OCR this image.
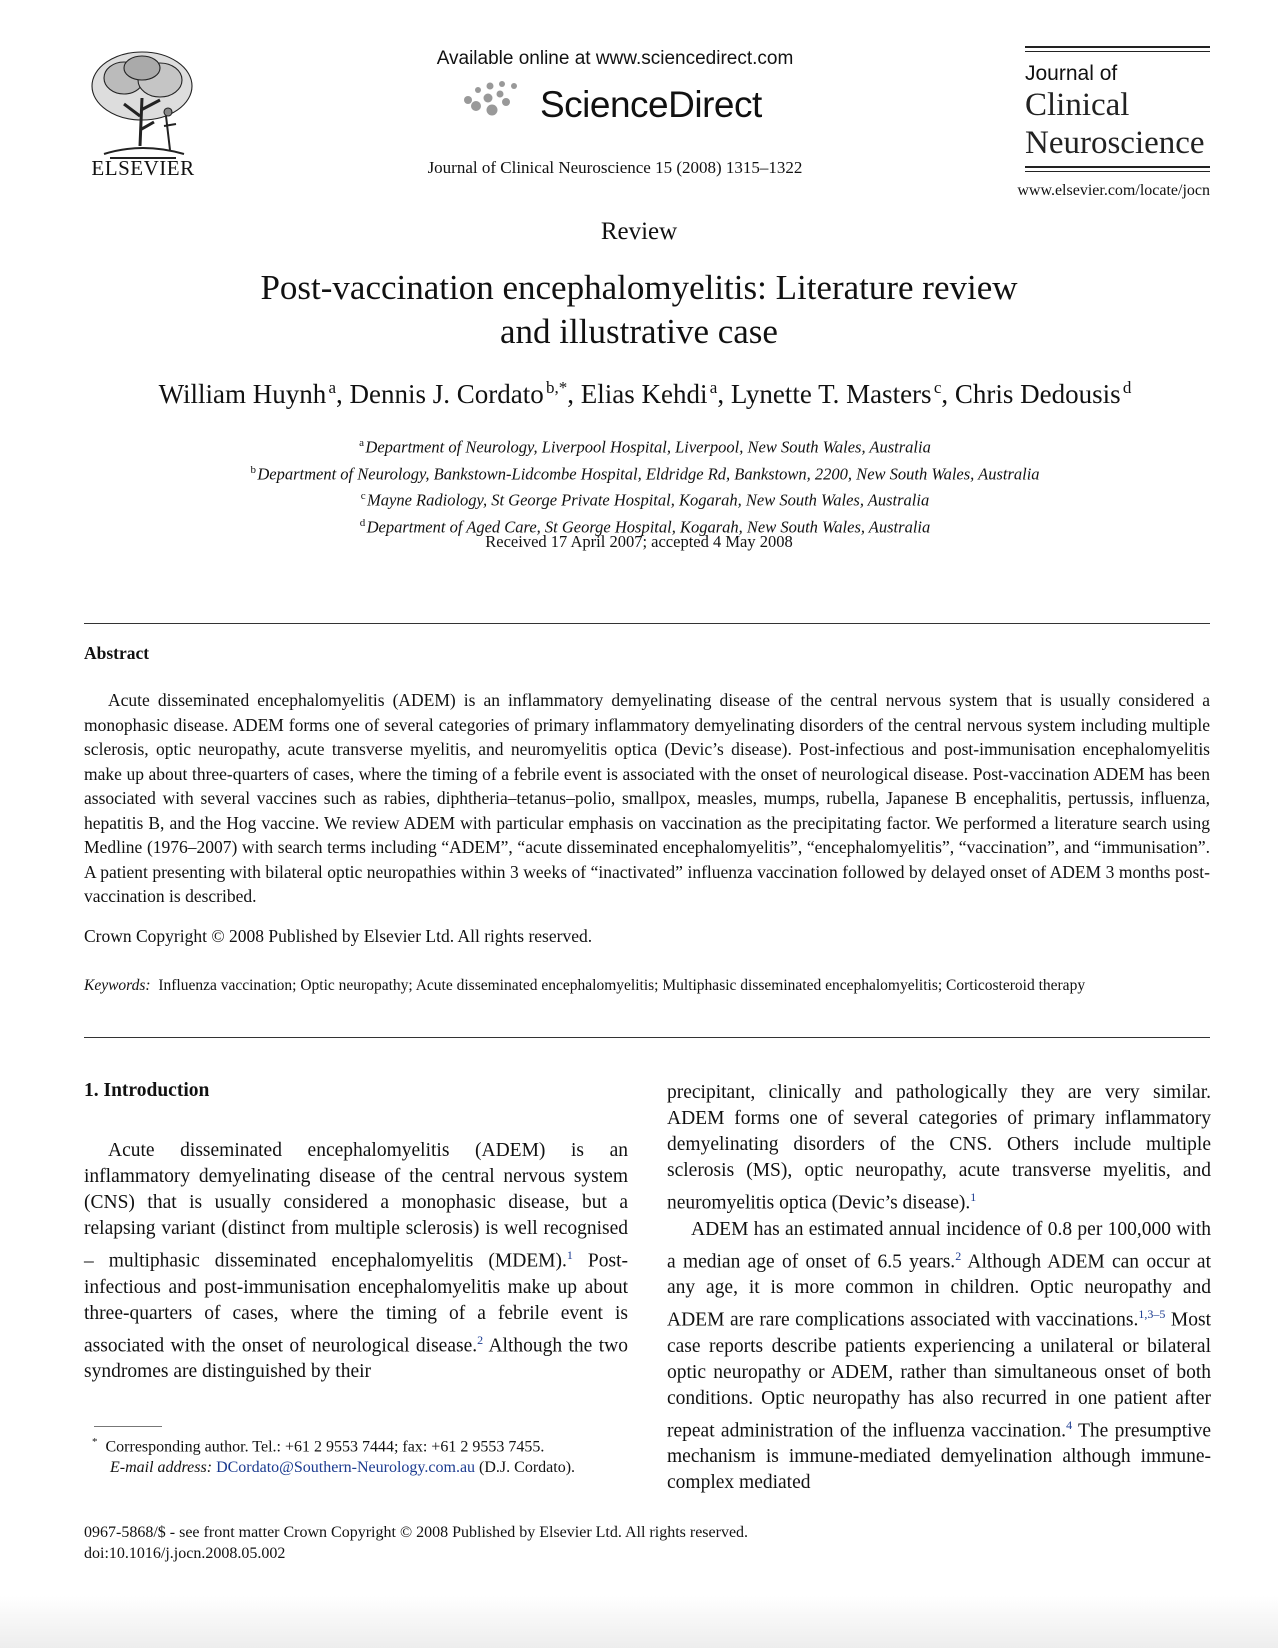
ELSEVIER
Available online at www.sciencedirect.com
ScienceDirect
Journal of Clinical Neuroscience 15 (2008) 1315–1322
Journal of
Clinical
Neuroscience
www.elsevier.com/locate/jocn
Review
Post-vaccination encephalomyelitis: Literature review
and illustrative case
William Huynh  $^a$, Dennis J. Cordato  $^{b,*}$, Elias Kehdi  $^a$, Lynette T. Masters  $^c$, Chris Dedousis  $^d$
$^a$ Department of Neurology, Liverpool Hospital, Liverpool, New South Wales, Australia
$^b$ Department of Neurology, Bankstown-Lidcombe Hospital, Eldridge Rd, Bankstown, 2200, New South Wales, Australia
$^c$ Mayne Radiology, St George Private Hospital, Kogarah, New South Wales, Australia
$^d$ Department of Aged Care, St George Hospital, Kogarah, New South Wales, Australia
Received 17 April 2007; accepted 4 May 2008
Abstract

Acute disseminated encephalomyelitis (ADEM) is an inflammatory demyelinating disease of the central nervous system that is usually considered a monophasic disease. ADEM forms one of several categories of primary inflammatory demyelinating disorders of the central nervous system including multiple sclerosis, optic neuropathy, acute transverse myelitis, and neuromyelitis optica (Devic’s disease). Post-infectious and post-immunisation encephalomyelitis make up about three-quarters of cases, where the timing of a febrile event is associated with the onset of neurological disease. Post-vaccination ADEM has been associated with several vaccines such as rabies, diphtheria–tetanus–polio, smallpox, measles, mumps, rubella, Japanese B encephalitis, pertussis, influenza, hepatitis B, and the Hog vaccine. We review ADEM with particular emphasis on vaccination as the precipitating factor. We performed a literature search using Medline (1976–2007) with search terms including “ADEM”, “acute disseminated encephalomyelitis”, “encephalomyelitis”, “vaccination”, and “immunisation”. A patient presenting with bilateral optic neuropathies within 3 weeks of “inactivated” influenza vaccination followed by delayed onset of ADEM 3 months post-vaccination is described.

Crown Copyright © 2008 Published by Elsevier Ltd. All rights reserved.
Keywords: Influenza vaccination; Optic neuropathy; Acute disseminated encephalomyelitis; Multiphasic disseminated encephalomyelitis; Corticosteroid therapy
1. Introduction

Acute disseminated encephalomyelitis (ADEM) is an inflammatory demyelinating disease of the central nervous system (CNS) that is usually considered a monophasic disease, but a relapsing variant (distinct from multiple sclerosis) is well recognised – multiphasic disseminated encephalomyelitis (MDEM).$^1$ Post-infectious and post-immunisation encephalomyelitis make up about three-quarters of cases, where the timing of a febrile event is associated with the onset of neurological disease.$^2$ Although the two syndromes are distinguished by their

precipitant, clinically and pathologically they are very similar. ADEM forms one of several categories of primary inflammatory demyelinating disorders of the CNS. Others include multiple sclerosis (MS), optic neuropathy, acute transverse myelitis, and neuromyelitis optica (Devic’s disease).$^1$

ADEM has an estimated annual incidence of 0.8 per 100,000 with a median age of onset of 6.5 years.$^2$ Although ADEM can occur at any age, it is more common in children. Optic neuropathy and ADEM are rare complications associated with vaccinations.$^{1,3-5}$ Most case reports describe patients experiencing a unilateral or bilateral optic neuropathy or ADEM, rather than simultaneous onset of both conditions. Optic neuropathy has also recurred in one patient after repeat administration of the influenza vaccination.$^4$ The presumptive mechanism is immune-mediated demyelination although immune-complex mediated

* Corresponding author. Tel.: +61 2 9553 7444; fax: +61 2 9553 7455.
E-mail address: DCordato@Southern-Neurology.com.au (D.J. Cordato).
0967-5868/$ - see front matter Crown Copyright © 2008 Published by Elsevier Ltd. All rights reserved.
doi:10.1016/j.jocn.2008.05.002
